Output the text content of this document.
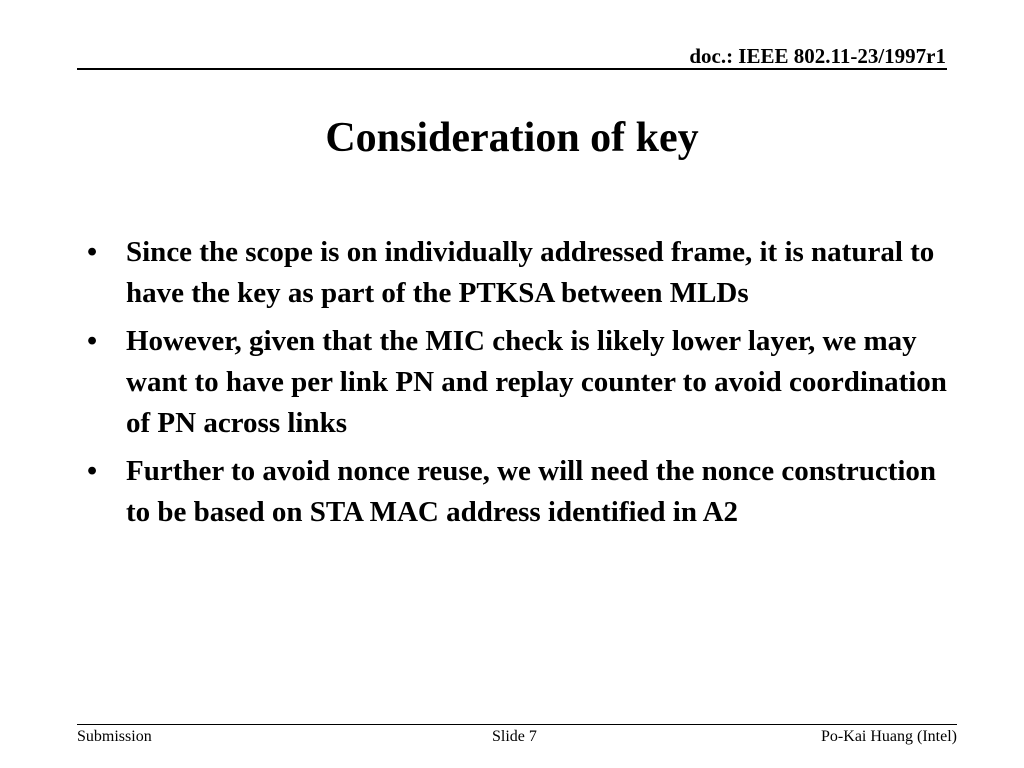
doc.: IEEE 802.11-23/1997r1
Consideration of key
• Since the scope is on individually addressed frame, it is natural to have the key as part of the PTKSA between MLDs
• However, given that the MIC check is likely lower layer, we may want to have per link PN and replay counter to avoid coordination of PN across links
• Further to avoid nonce reuse, we will need the nonce construction to be based on STA MAC address identified in A2
Submission	Slide 7	Po-Kai Huang (Intel)
